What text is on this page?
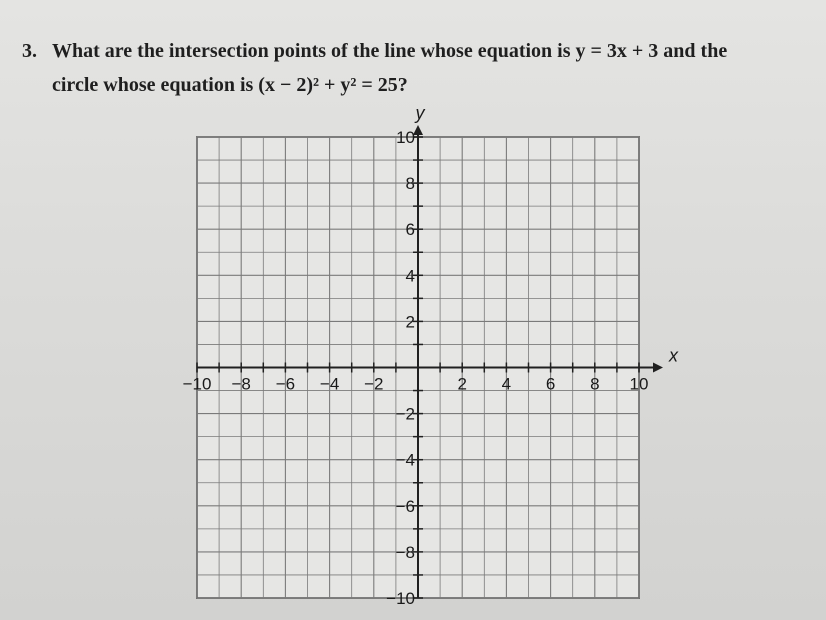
3. What are the intersection points of the line whose equation is y = 3x + 3 and the
circle whose equation is (x − 2)² + y² = 25?
−10 −8 −6 −4 −2	2 4 6 8 10
10
8
6
4
2
−2
−4
−6
−8
−10
x
y
